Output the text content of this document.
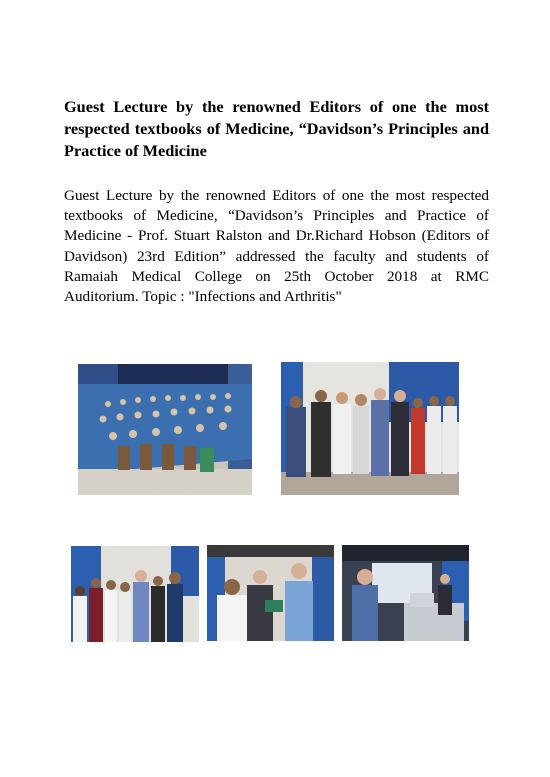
Guest Lecture by the renowned Editors of one the most respected textbooks of Medicine, “Davidson’s Principles and Practice of Medicine

Guest Lecture by the renowned Editors of one the most respected textbooks of Medicine, “Davidson’s Principles and Practice of Medicine - Prof. Stuart Ralston and Dr.Richard Hobson (Editors of Davidson) 23rd Edition” addressed the faculty and students of Ramaiah Medical College on 25th October 2018 at RMC Auditorium. Topic : "Infections and Arthritis"
